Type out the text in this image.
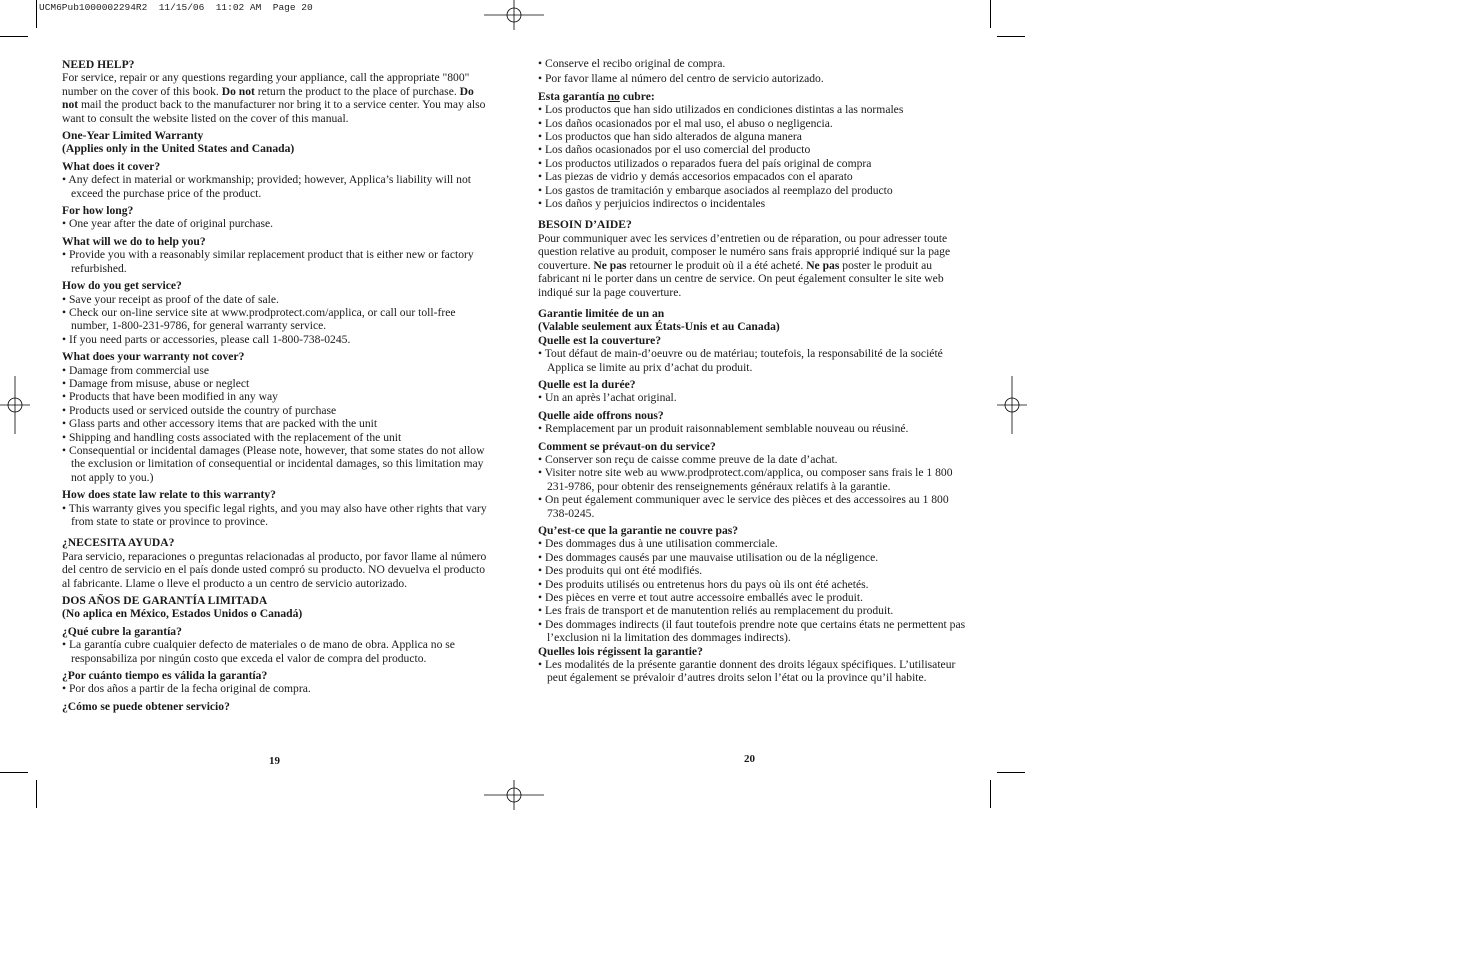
UCM6Pub1000002294R2  11/15/06  11:02 AM  Page 20

NEED HELP?

For service, repair or any questions regarding your appliance, call the appropriate "800" number on the cover of this book. Do not return the product to the place of purchase. Do not mail the product back to the manufacturer nor bring it to a service center. You may also want to consult the website listed on the cover of this manual.

One-Year Limited Warranty

(Applies only in the United States and Canada)

What does it cover?

• Any defect in material or workmanship; provided; however, Applica’s liability will not exceed the purchase price of the product.

For how long?

• One year after the date of original purchase.

What will we do to help you?

• Provide you with a reasonably similar replacement product that is either new or factory refurbished.

How do you get service?

• Save your receipt as proof of the date of sale.
• Check our on-line service site at www.prodprotect.com/applica, or call our toll-free number, 1-800-231-9786, for general warranty service.
• If you need parts or accessories, please call 1-800-738-0245.

What does your warranty not cover?

• Damage from commercial use
• Damage from misuse, abuse or neglect
• Products that have been modified in any way
• Products used or serviced outside the country of purchase
• Glass parts and other accessory items that are packed with the unit
• Shipping and handling costs associated with the replacement of the unit
• Consequential or incidental damages (Please note, however, that some states do not allow the exclusion or limitation of consequential or incidental damages, so this limitation may not apply to you.)

How does state law relate to this warranty?

• This warranty gives you specific legal rights, and you may also have other rights that vary from state to state or province to province.

¿NECESITA AYUDA?

Para servicio, reparaciones o preguntas relacionadas al producto, por favor llame al número del centro de servicio en el país donde usted compró su producto. NO devuelva el producto al fabricante. Llame o lleve el producto a un centro de servicio autorizado.

DOS AÑOS DE GARANTÍA LIMITADA

(No aplica en México, Estados Unidos o Canadá)

¿Qué cubre la garantía?

• La garantía cubre cualquier defecto de materiales o de mano de obra. Applica no se responsabiliza por ningún costo que exceda el valor de compra del producto.

¿Por cuánto tiempo es válida la garantía?

• Por dos años a partir de la fecha original de compra.

¿Cómo se puede obtener servicio?

19
• Conserve el recibo original de compra.
• Por favor llame al número del centro de servicio autorizado.

Esta garantía no cubre:

• Los productos que han sido utilizados en condiciones distintas a las normales
• Los daños ocasionados por el mal uso, el abuso o negligencia.
• Los productos que han sido alterados de alguna manera
• Los daños ocasionados por el uso comercial del producto
• Los productos utilizados o reparados fuera del país original de compra
• Las piezas de vidrio y demás accesorios empacados con el aparato
• Los gastos de tramitación y embarque asociados al reemplazo del producto
• Los daños y perjuicios indirectos o incidentales

BESOIN D’AIDE?

Pour communiquer avec les services d’entretien ou de réparation, ou pour adresser toute question relative au produit, composer le numéro sans frais approprié indiqué sur la page couverture. Ne pas retourner le produit où il a été acheté. Ne pas poster le produit au fabricant ni le porter dans un centre de service. On peut également consulter le site web indiqué sur la page couverture.

Garantie limitée de un an

(Valable seulement aux États-Unis et au Canada)

Quelle est la couverture?

• Tout défaut de main-d’oeuvre ou de matériau; toutefois, la responsabilité de la société Applica se limite au prix d’achat du produit.

Quelle est la durée?

• Un an après l’achat original.

Quelle aide offrons nous?

• Remplacement par un produit raisonnablement semblable nouveau ou réusiné.

Comment se prévaut-on du service?

• Conserver son reçu de caisse comme preuve de la date d’achat.
• Visiter notre site web au www.prodprotect.com/applica, ou composer sans frais le 1 800 231-9786, pour obtenir des renseignements généraux relatifs à la garantie.
• On peut également communiquer avec le service des pièces et des accessoires au 1 800 738-0245.

Qu’est-ce que la garantie ne couvre pas?

• Des dommages dus à une utilisation commerciale.
• Des dommages causés par une mauvaise utilisation ou de la négligence.
• Des produits qui ont été modifiés.
• Des produits utilisés ou entretenus hors du pays où ils ont été achetés.
• Des pièces en verre et tout autre accessoire emballés avec le produit.
• Les frais de transport et de manutention reliés au remplacement du produit.
• Des dommages indirects (il faut toutefois prendre note que certains états ne permettent pas l’exclusion ni la limitation des dommages indirects).

Quelles lois régissent la garantie?

• Les modalités de la présente garantie donnent des droits légaux spécifiques. L’utilisateur peut également se prévaloir d’autres droits selon l’état ou la province qu’il habite.
20
